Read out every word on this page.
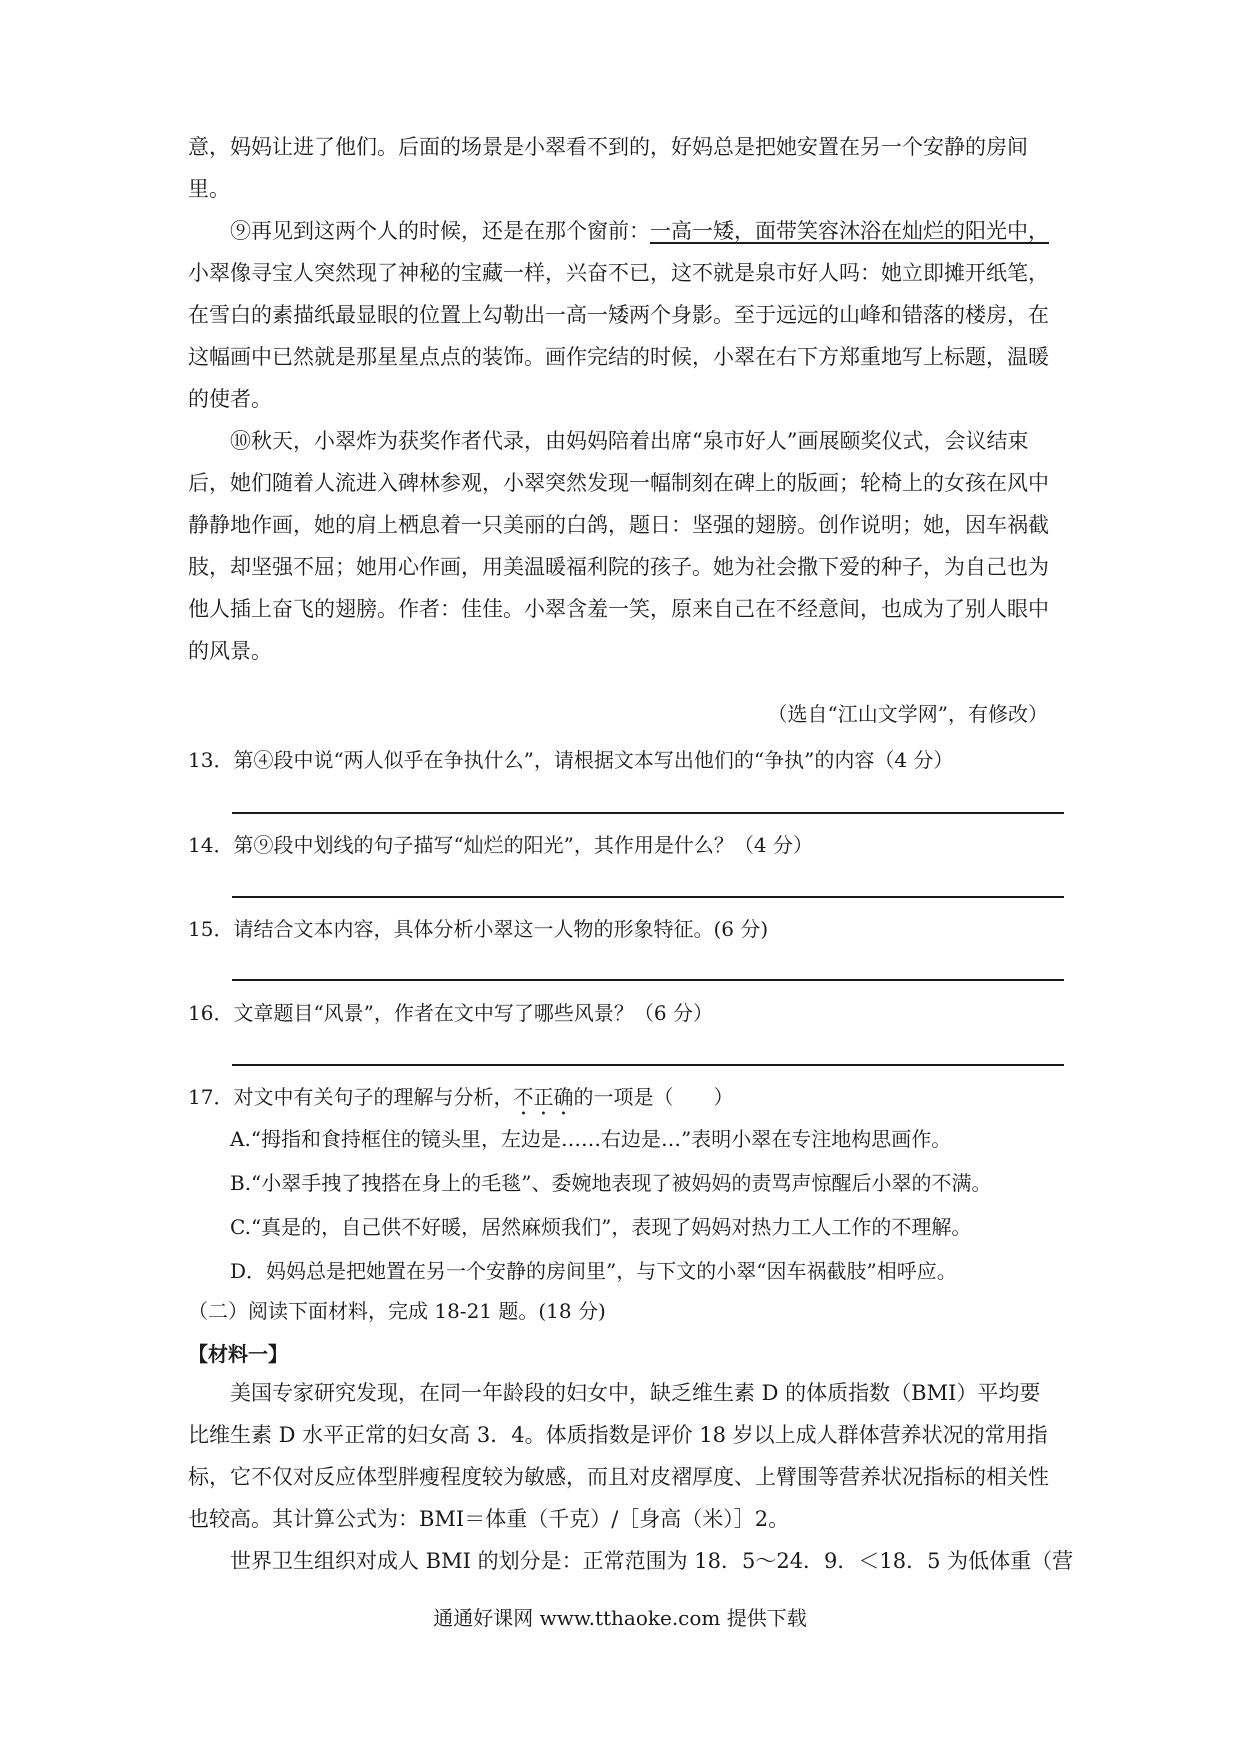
意，妈妈让进了他们。后面的场景是小翠看不到的，好妈总是把她安置在另一个安静的房间
里。

⑨再见到这两个人的时候，还是在那个窗前：一高一矮，面带笑容沐浴在灿烂的阳光中，小翠像寻宝人突然现了神秘的宝藏一样，兴奋不已，这不就是泉市好人吗：她立即摊开纸笔，在雪白的素描纸最显眼的位置上勾勒出一高一矮两个身影。至于远远的山峰和错落的楼房，在这幅画中已然就是那星星点点的装饰。画作完结的时候，小翠在右下方郑重地写上标题，温暖的使者。

⑩秋天，小翠炸为获奖作者代录，由妈妈陪着出席“泉市好人”画展颐奖仪式，会议结束后，她们随着人流进入碑林参观，小翠突然发现一幅制刻在碑上的版画；轮椅上的女孩在风中静静地作画，她的肩上栖息着一只美丽的白鸽，题日：坚强的翅膀。创作说明；她，因车祸截肢，却坚强不屈；她用心作画，用美温暖福利院的孩子。她为社会撒下爱的种子，为自己也为他人插上奋飞的翅膀。作者：佳佳。小翠含羞一笑，原来自己在不经意间，也成为了别人眼中的风景。

（选自“江山文学网”，有修改）
13．第④段中说“两人似乎在争执什么”，请根据文本写出他们的“争执”的内容（4 分）
14．第⑨段中划线的句子描写“灿烂的阳光”，其作用是什么？（4 分）
15．请结合文本内容，具体分析小翠这一人物的形象特征。(6 分)
16．文章题目“风景”，作者在文中写了哪些风景？（6 分）
17．对文中有关句子的理解与分析，不正确的一项是（　　）
A.“拇指和食持框住的镜头里，左边是……右边是…”表明小翠在专注地构思画作。
B.“小翠手拽了拽搭在身上的毛毯”、委婉地表现了被妈妈的责骂声惊醒后小翠的不满。
C.“真是的，自己供不好暖，居然麻烦我们”，表现了妈妈对热力工人工作的不理解。
D．妈妈总是把她置在另一个安静的房间里”，与下文的小翠“因车祸截肢”相呼应。
（二）阅读下面材料，完成 18-21 题。(18 分)
【材料一】

美国专家研究发现，在同一年龄段的妇女中，缺乏维生素 D 的体质指数（BMI）平均要比维生素 D 水平正常的妇女高 3．4。体质指数是评价 18 岁以上成人群体营养状况的常用指标，它不仅对反应体型胖瘦程度较为敏感，而且对皮褶厚度、上臂围等营养状况指标的相关性也较高。其计算公式为：BMI＝体重（千克）/［身高（米）］2。

世界卫生组织对成人 BMI 的划分是：正常范围为 18．5～24．9．＜18．5 为低体重（营

通通好课网 www.tthaoke.com 提供下载
